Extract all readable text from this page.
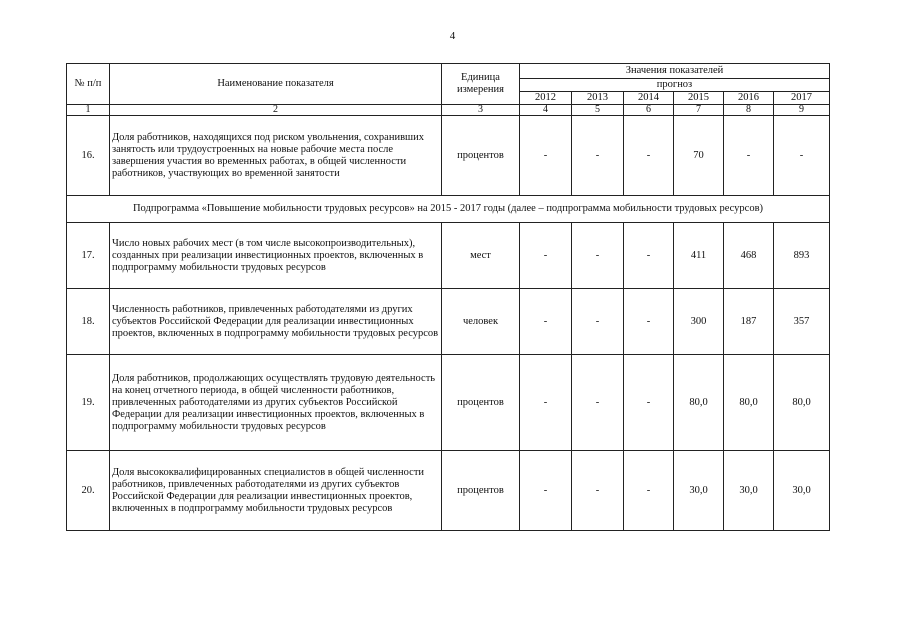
4
№ п/п	Наименование показателя	Единица измерения	Значения показателей					
			прогноз					
			2012	2013	2014	2015	2016	2017
1	2	3	4	5	6	7	8	9
16.	Доля работников, находящихся под риском увольнения, сохранивших занятость или трудоустроенных на новые рабочие места после завершения участия во временных работах, в общей численности работников, участвующих во временной занятости	процентов	-	-	-	70	-	-
Подпрограмма «Повышение мобильности трудовых ресурсов» на 2015 - 2017 годы (далее – подпрограмма мобильности трудовых ресурсов)								
17.	Число новых рабочих мест (в том числе высокопроизводительных), созданных при реализации инвестиционных проектов, включенных в подпрограмму мобильности трудовых ресурсов	мест	-	-	-	411	468	893
18.	Численность работников, привлеченных работодателями из других субъектов Российской Федерации для реализации инвестиционных проектов, включенных в подпрограмму мобильности трудовых ресурсов	человек	-	-	-	300	187	357
19.	Доля работников, продолжающих осуществлять трудовую деятельность на конец отчетного периода, в общей численности работников, привлеченных работодателями из других субъектов Российской Федерации для реализации инвестиционных проектов, включенных в подпрограмму мобильности трудовых ресурсов	процентов	-	-	-	80,0	80,0	80,0
20.	Доля высококвалифицированных специалистов в общей численности работников, привлеченных работодателями из других субъектов Российской Федерации для реализации инвестиционных проектов, включенных в подпрограмму мобильности трудовых ресурсов	процентов	-	-	-	30,0	30,0	30,0
